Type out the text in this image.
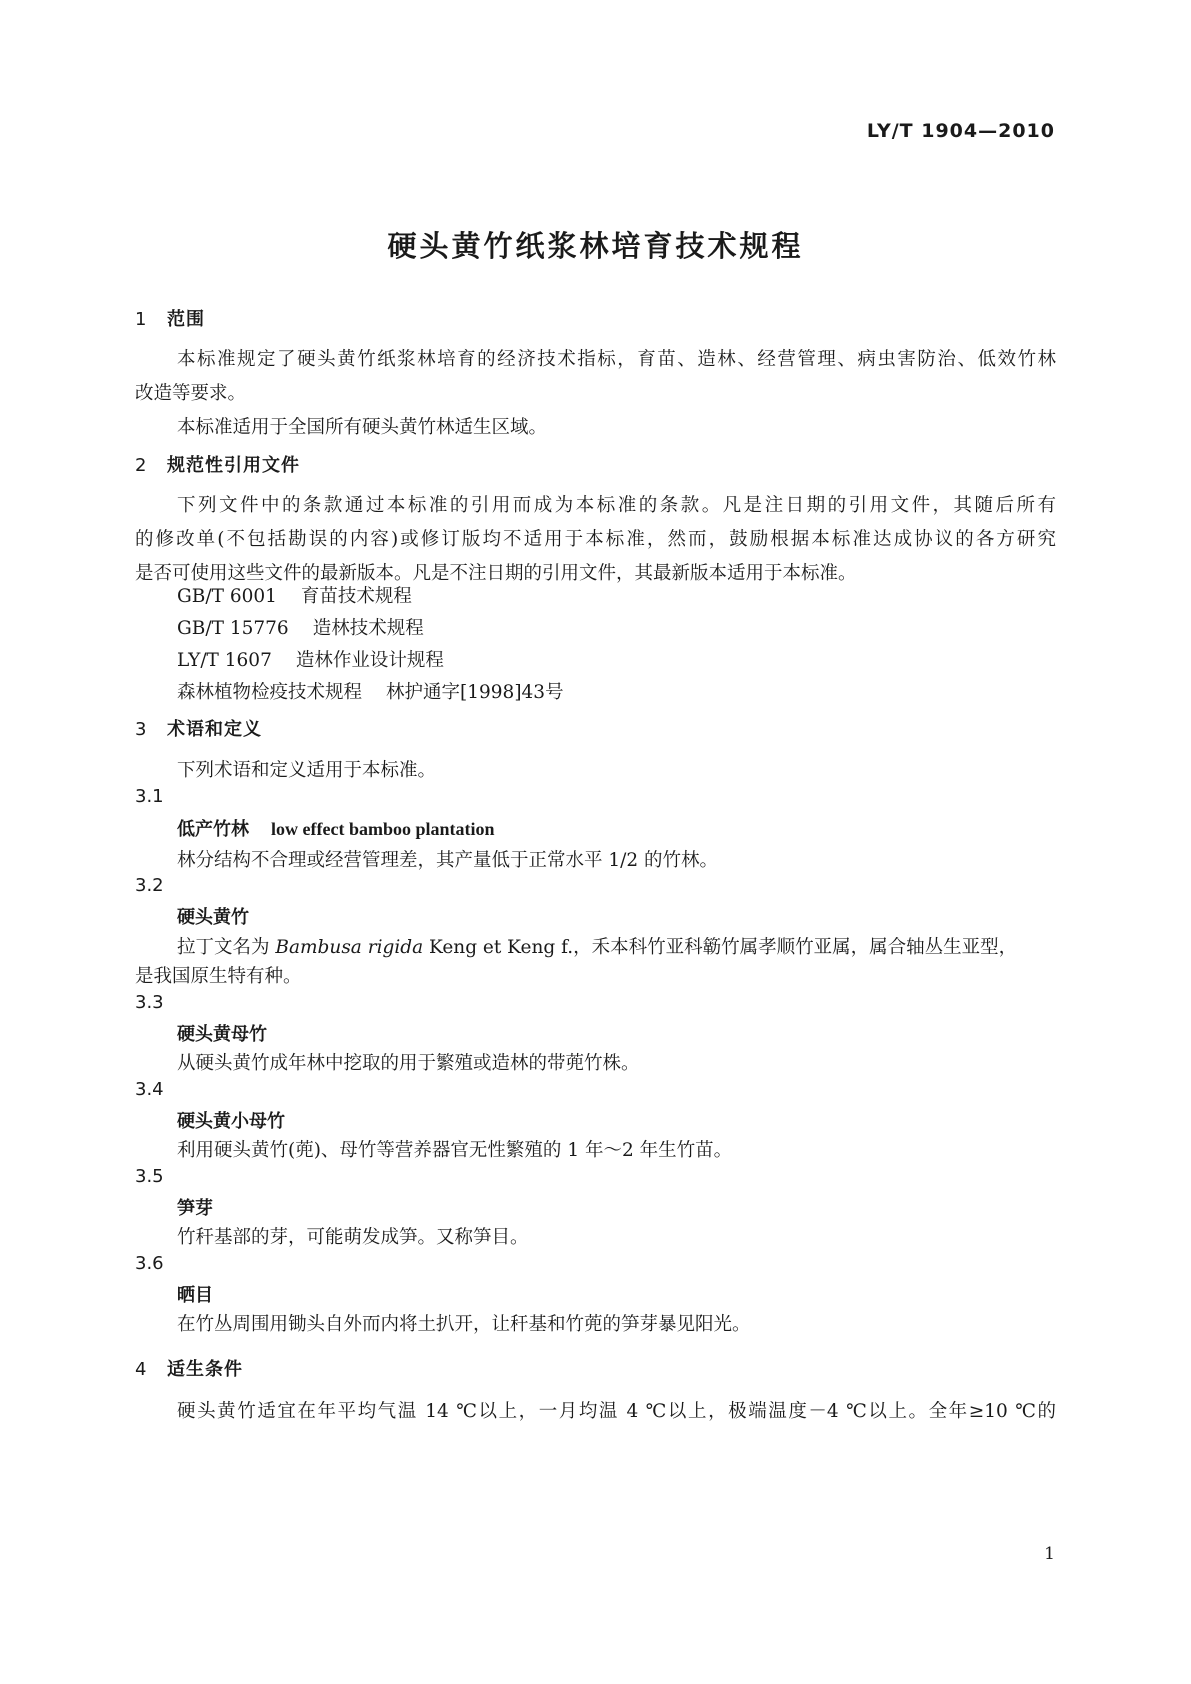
LY/T 1904—2010
硬头黄竹纸浆林培育技术规程
1 范围

本标准规定了硬头黄竹纸浆林培育的经济技术指标，育苗、造林、经营管理、病虫害防治、低效竹林

改造等要求。

本标准适用于全国所有硬头黄竹林适生区域。

2 规范性引用文件

下列文件中的条款通过本标准的引用而成为本标准的条款。凡是注日期的引用文件，其随后所有

的修改单(不包括勘误的内容)或修订版均不适用于本标准，然而，鼓励根据本标准达成协议的各方研究

是否可使用这些文件的最新版本。凡是不注日期的引用文件，其最新版本适用于本标准。

GB/T 6001 育苗技术规程
GB/T 15776 造林技术规程
LY/T 1607 造林作业设计规程
森林植物检疫技术规程 林护通字[1998]43号
3 术语和定义
下列术语和定义适用于本标准。
3.1
低产竹林 low effect bamboo plantation
林分结构不合理或经营管理差，其产量低于正常水平 1/2 的竹林。
3.2
硬头黄竹
拉丁文名为 Bambusa rigida Keng et Keng f.，禾本科竹亚科簕竹属孝顺竹亚属，属合轴丛生亚型，
是我国原生特有种。
3.3
硬头黄母竹
从硬头黄竹成年林中挖取的用于繁殖或造林的带蔸竹株。
3.4
硬头黄小母竹
利用硬头黄竹(蔸)、母竹等营养器官无性繁殖的 1 年～2 年生竹苗。
3.5
笋芽
竹秆基部的芽，可能萌发成笋。又称笋目。
3.6
晒目
在竹丛周围用锄头自外而内将土扒开，让秆基和竹蔸的笋芽暴见阳光。
4 适生条件
硬头黄竹适宜在年平均气温 14 ℃以上，一月均温 4 ℃以上，极端温度－4 ℃以上。全年≥10 ℃的
1
